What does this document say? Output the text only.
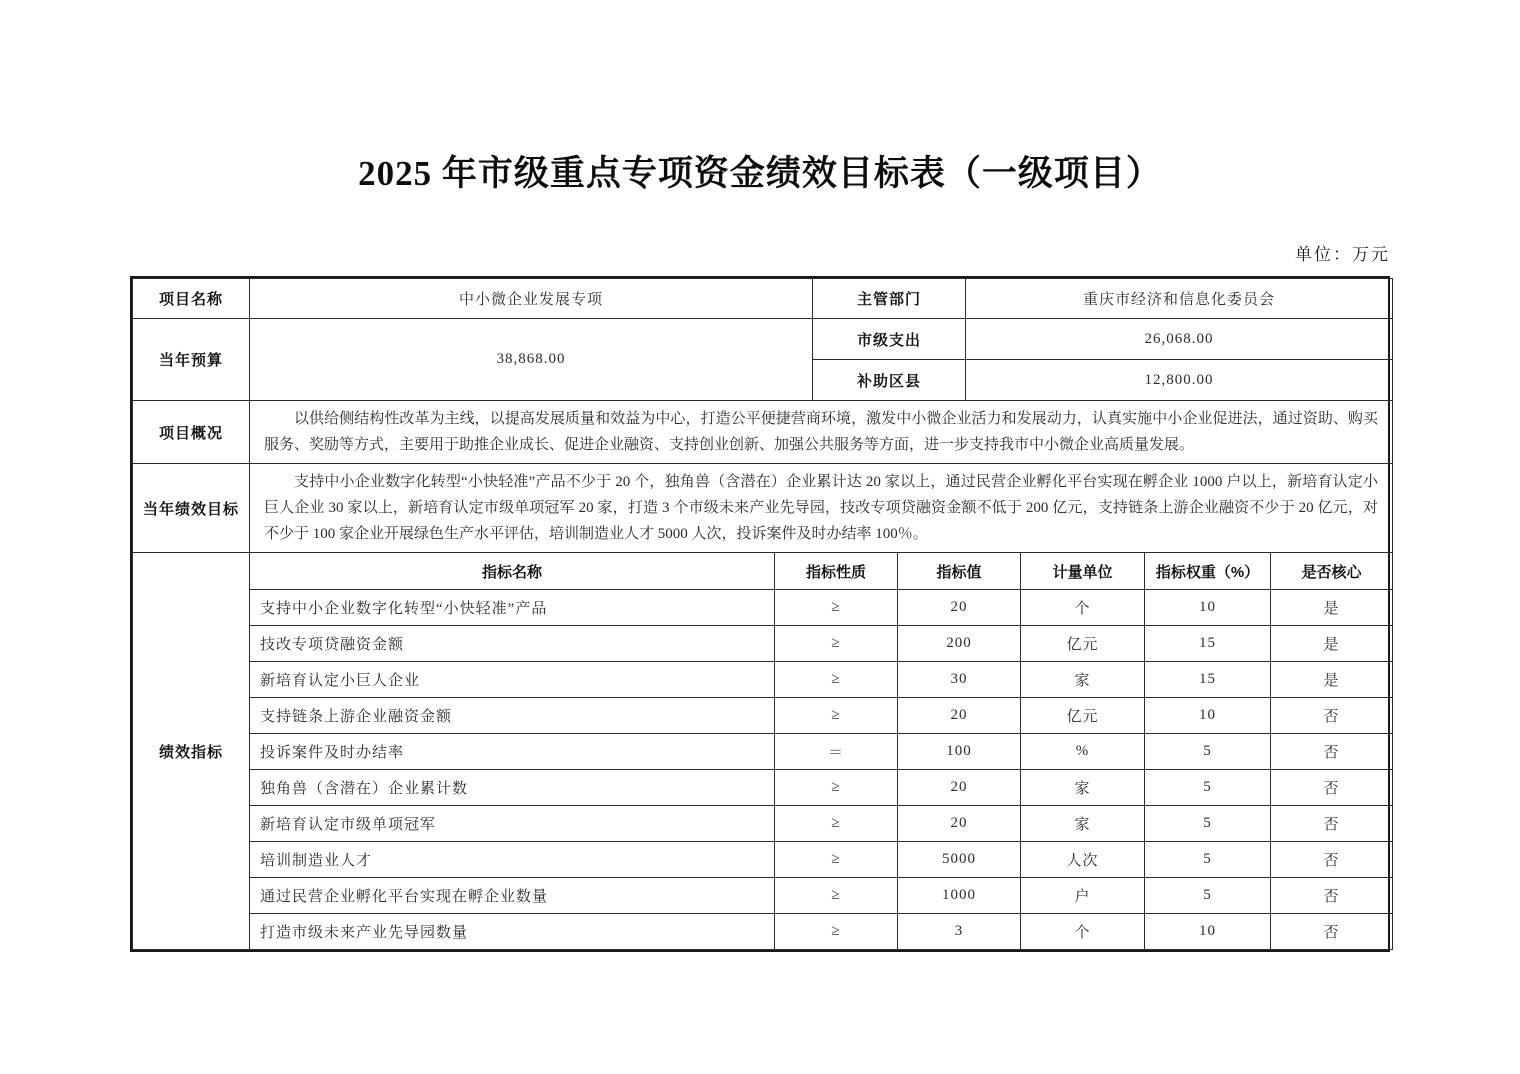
2025 年市级重点专项资金绩效目标表（一级项目）
单位：万元
项目名称	中小微企业发展专项	主管部门	重庆市经济和信息化委员会
当年预算	38,868.00	市级支出	26,068.00
		补助区县	12,800.00
项目概况	以供给侧结构性改革为主线，以提高发展质量和效益为中心，打造公平便捷营商环境，激发中小微企业活力和发展动力，认真实施中小企业促进法，通过资助、购买服务、奖励等方式，主要用于助推企业成长、促进企业融资、支持创业创新、加强公共服务等方面，进一步支持我市中小微企业高质量发展。

当年绩效目标	支持中小企业数字化转型“小快轻准”产品不少于 20 个，独角兽（含潜在）企业累计达 20 家以上，通过民营企业孵化平台实现在孵企业 1000 户以上，新培育认定小巨人企业 30 家以上，新培育认定市级单项冠军 20 家，打造 3 个市级未来产业先导园，技改专项贷融资金额不低于 200 亿元，支持链条上游企业融资不少于 20 亿元，对不少于 100 家企业开展绿色生产水平评估，培训制造业人才 5000 人次，投诉案件及时办结率 100％。
绩效指标	指标名称	指标性质	指标值	计量单位	指标权重（%）	是否核心
	支持中小企业数字化转型“小快轻准”产品	≥	20	个	10	是
	技改专项贷融资金额	≥	200	亿元	15	是
	新培育认定小巨人企业	≥	30	家	15	是
	支持链条上游企业融资金额	≥	20	亿元	10	否
	投诉案件及时办结率	＝	100	%	5	否
	独角兽（含潜在）企业累计数	≥	20	家	5	否
	新培育认定市级单项冠军	≥	20	家	5	否
	培训制造业人才	≥	5000	人次	5	否
	通过民营企业孵化平台实现在孵企业数量	≥	1000	户	5	否
	打造市级未来产业先导园数量	≥	3	个	10	否
